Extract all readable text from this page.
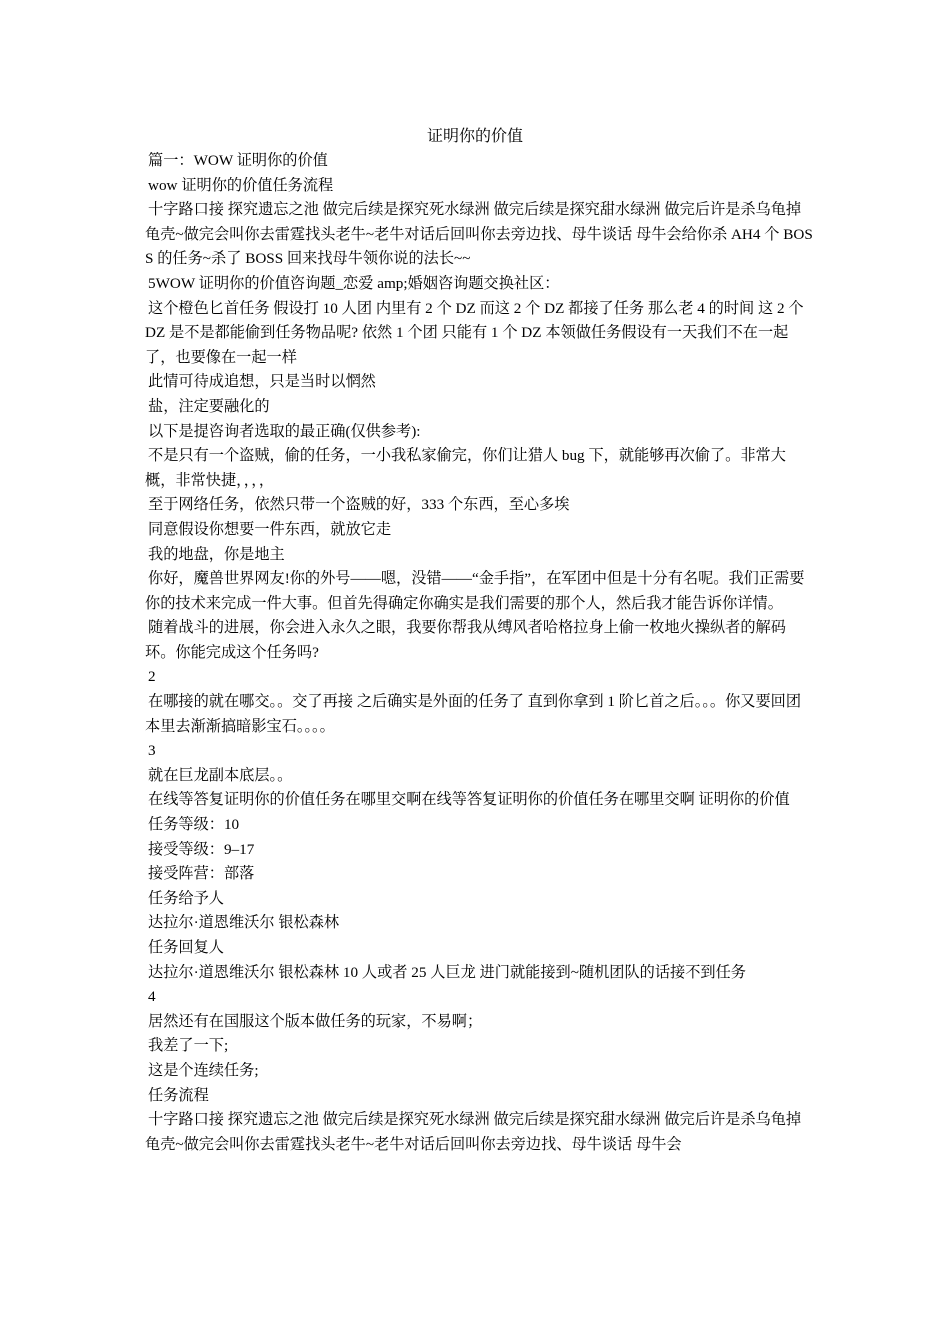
证明你的价值

篇一：WOW 证明你的价值

wow 证明你的价值任务流程

十字路口接 探究遗忘之池 做完后续是探究死水绿洲 做完后续是探究甜水绿洲 做完后许是杀乌龟掉龟壳~做完会叫你去雷霆找头老牛~老牛对话后回叫你去旁边找、母牛谈话 母牛会给你杀 AH4 个 BOSS 的任务~杀了 BOSS 回来找母牛领你说的法长~~

5WOW 证明你的价值咨询题_恋爱 amp;婚姻咨询题交换社区：

这个橙色匕首任务 假设打 10 人团 内里有 2 个 DZ 而这 2 个 DZ 都接了任务 那么老 4 的时间 这 2 个 DZ 是不是都能偷到任务物品呢? 依然 1 个团 只能有 1 个 DZ 本领做任务假设有一天我们不在一起了，也要像在一起一样

此情可待成追想，只是当时以惘然

盐，注定要融化的

以下是提咨询者选取的最正确(仅供参考):

不是只有一个盗贼，偷的任务，一小我私家偷完，你们让猎人 bug 下，就能够再次偷了。非常大概，非常快捷，，，，

至于网络任务，依然只带一个盗贼的好，333 个东西，至心多埃

同意假设你想要一件东西，就放它走

我的地盘，你是地主

你好，魔兽世界网友!你的外号——嗯，没错——“金手指”，在军团中但是十分有名呢。我们正需要你的技术来完成一件大事。但首先得确定你确实是我们需要的那个人，然后我才能告诉你详情。

随着战斗的进展，你会进入永久之眼，我要你帮我从缚风者哈格拉身上偷一枚地火操纵者的解码环。你能完成这个任务吗?

2

在哪接的就在哪交。。交了再接 之后确实是外面的任务了 直到你拿到 1 阶匕首之后。。。你又要回团本里去渐渐搞暗影宝石。。。。

3

就在巨龙副本底层。。

在线等答复证明你的价值任务在哪里交啊在线等答复证明你的价值任务在哪里交啊 证明你的价值

任务等级：10

接受等级：9–17

接受阵营：部落

任务给予人

达拉尔·道恩维沃尔 银松森林

任务回复人

达拉尔·道恩维沃尔 银松森林 10 人或者 25 人巨龙 进门就能接到~随机团队的话接不到任务

4

居然还有在国服这个版本做任务的玩家，不易啊；

我差了一下;

这是个连续任务;

任务流程

十字路口接 探究遗忘之池 做完后续是探究死水绿洲 做完后续是探究甜水绿洲 做完后许是杀乌龟掉龟壳~做完会叫你去雷霆找头老牛~老牛对话后回叫你去旁边找、母牛谈话 母牛会
